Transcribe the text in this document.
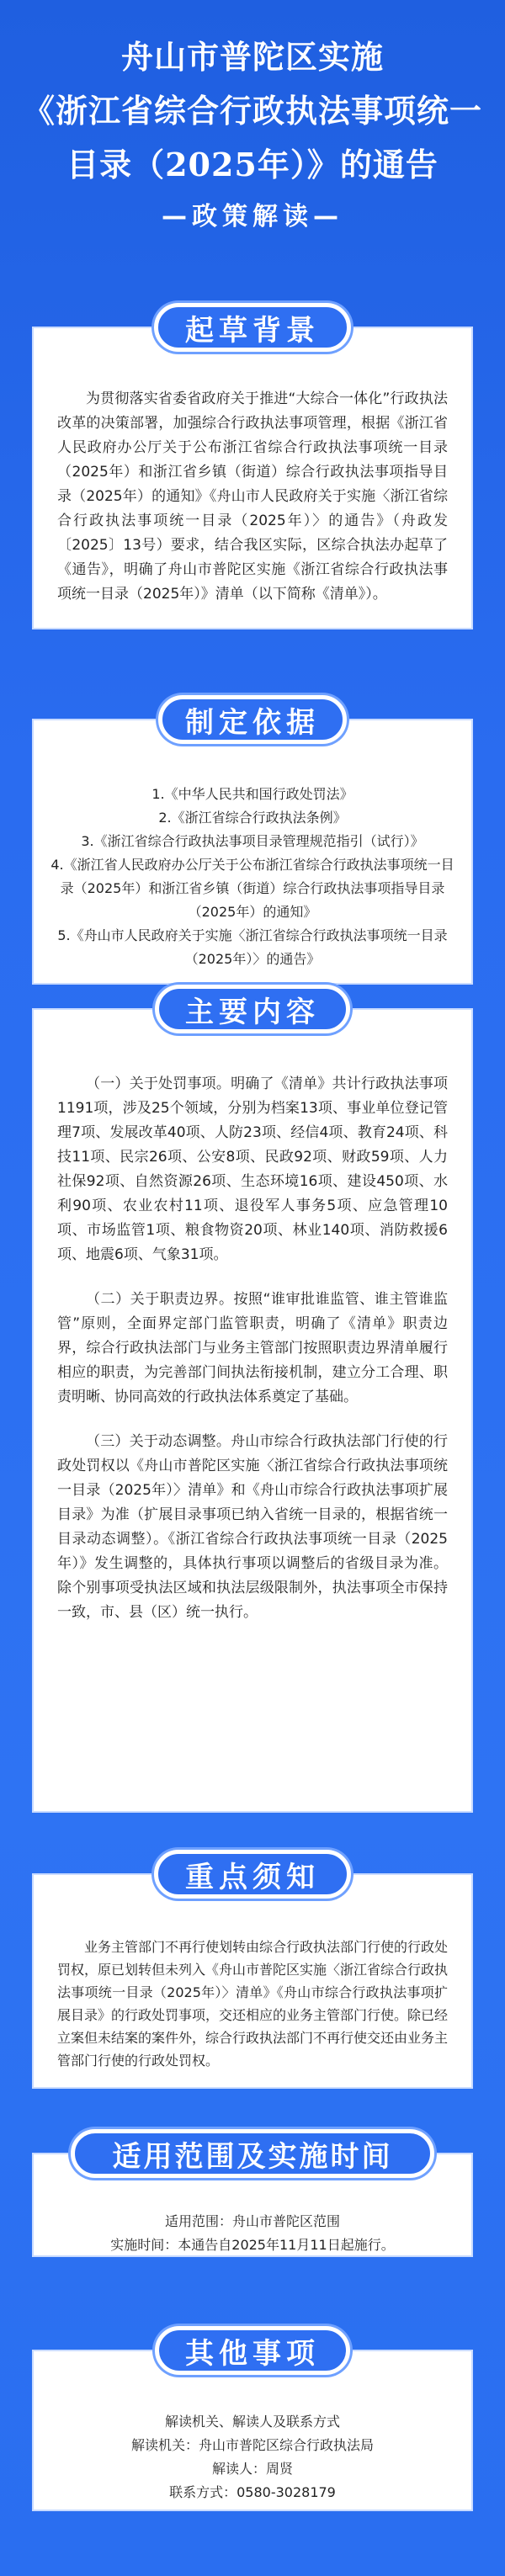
舟山市普陀区实施
《浙江省综合行政执法事项统一
目录（2025年）》的通告
—政策解读—
为贯彻落实省委省政府关于推进“大综合一体化”行政执法改革的决策部署，加强综合行政执法事项管理，根据《浙江省人民政府办公厅关于公布浙江省综合行政执法事项统一目录（2025年）和浙江省乡镇（街道）综合行政执法事项指导目录（2025年）的通知》《舟山市人民政府关于实施〈浙江省综合行政执法事项统一目录（2025年）〉的通告》（舟政发〔2025〕13号）要求，结合我区实际，区综合执法办起草了《通告》，明确了舟山市普陀区实施《浙江省综合行政执法事项统一目录（2025年）》清单（以下简称《清单》）。
起草背景
1.《中华人民共和国行政处罚法》
2.《浙江省综合行政执法条例》
3.《浙江省综合行政执法事项目录管理规范指引（试行）》
4.《浙江省人民政府办公厅关于公布浙江省综合行政执法事项统一目录（2025年）和浙江省乡镇（街道）综合行政执法事项指导目录（2025年）的通知》
5.《舟山市人民政府关于实施〈浙江省综合行政执法事项统一目录（2025年）〉的通告》
制定依据
（一）关于处罚事项。明确了《清单》共计行政执法事项1191项，涉及25个领域，分别为档案13项、事业单位登记管理7项、发展改革40项、人防23项、经信4项、教育24项、科技11项、民宗26项、公安8项、民政92项、财政59项、人力社保92项、自然资源26项、生态环境16项、建设450项、水利90项、农业农村11项、退役军人事务5项、应急管理10项、市场监管1项、粮食物资20项、林业140项、消防救援6项、地震6项、气象31项。
（二）关于职责边界。按照“谁审批谁监管、谁主管谁监管”原则，全面界定部门监管职责，明确了《清单》职责边界，综合行政执法部门与业务主管部门按照职责边界清单履行相应的职责，为完善部门间执法衔接机制，建立分工合理、职责明晰、协同高效的行政执法体系奠定了基础。
（三）关于动态调整。舟山市综合行政执法部门行使的行政处罚权以《舟山市普陀区实施〈浙江省综合行政执法事项统一目录（2025年）〉清单》和《舟山市综合行政执法事项扩展目录》为准（扩展目录事项已纳入省统一目录的，根据省统一目录动态调整）。《浙江省综合行政执法事项统一目录（2025年）》发生调整的，具体执行事项以调整后的省级目录为准。除个别事项受执法区域和执法层级限制外，执法事项全市保持一致，市、县（区）统一执行。
主要内容
业务主管部门不再行使划转由综合行政执法部门行使的行政处罚权，原已划转但未列入《舟山市普陀区实施〈浙江省综合行政执法事项统一目录（2025年）〉清单》《舟山市综合行政执法事项扩展目录》的行政处罚事项，交还相应的业务主管部门行使。除已经立案但未结案的案件外，综合行政执法部门不再行使交还由业务主管部门行使的行政处罚权。
重点须知
适用范围：舟山市普陀区范围
实施时间：本通告自2025年11月11日起施行。
适用范围及实施时间
解读机关、解读人及联系方式
解读机关：舟山市普陀区综合行政执法局
解读人：周贤
联系方式：0580-3028179
其他事项
